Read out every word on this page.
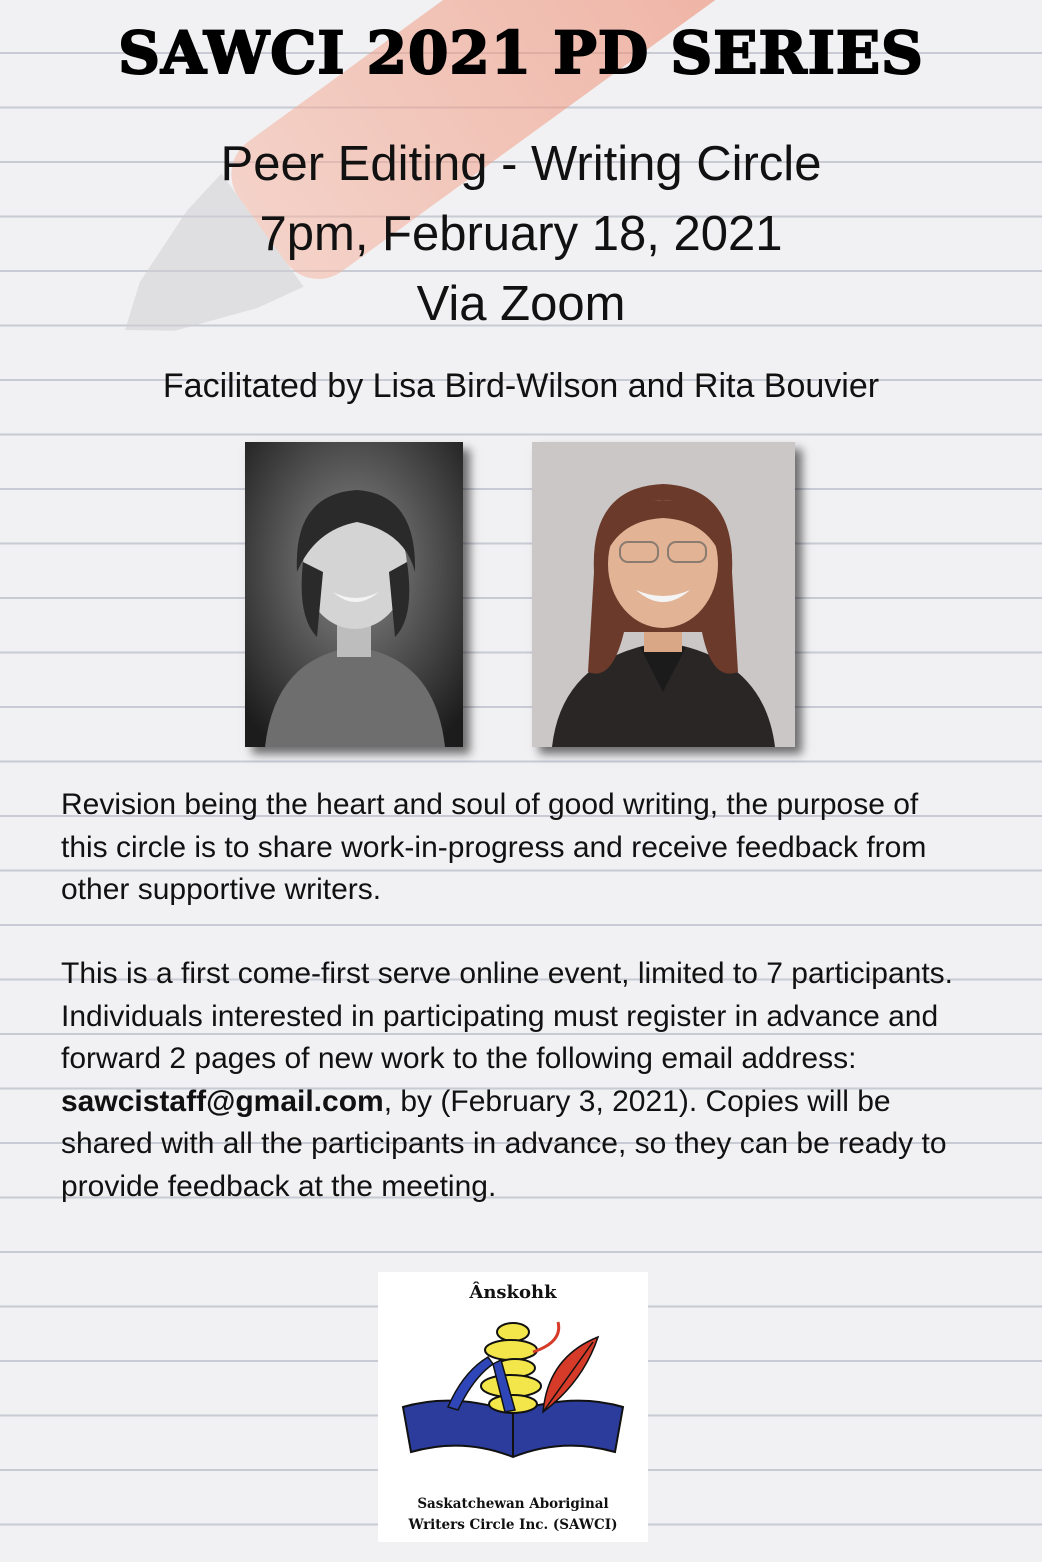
SAWCI 2021 PD SERIES
Peer Editing - Writing Circle
7pm, February 18, 2021
Via Zoom
Facilitated by Lisa Bird-Wilson and Rita Bouvier

Revision being the heart and soul of good writing, the purpose of this circle is to share work-in-progress and receive feedback from other supportive writers.

This is a first come-first serve online event, limited to 7 participants. Individuals interested in participating must register in advance and forward 2 pages of new work to the following email address: sawcistaff@gmail.com, by (February 3, 2021). Copies will be shared with all the participants in advance, so they can be ready to provide feedback at the meeting.

Ânskohk
Saskatchewan Aboriginal
Writers Circle Inc. (SAWCI)
